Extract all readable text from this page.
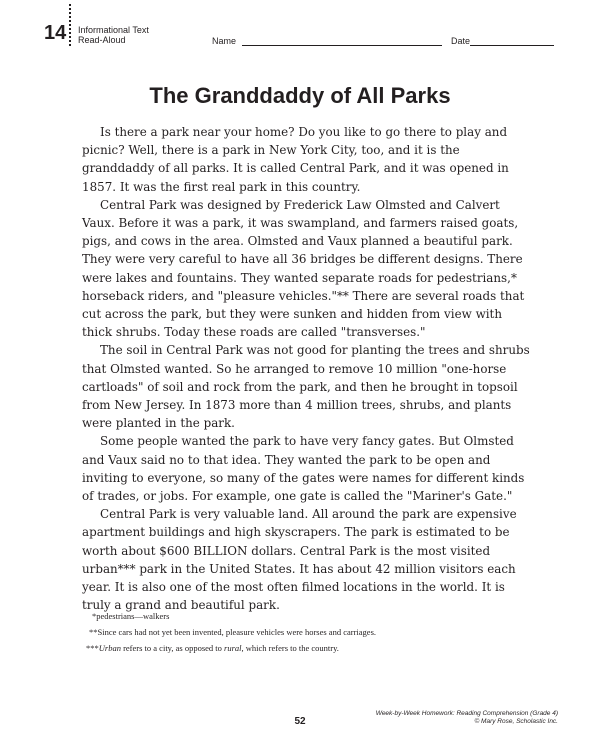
14 Informational Text
Read-Aloud	Name	Date
The Granddaddy of All Parks

Is there a park near your home? Do you like to go there to play and picnic? Well, there is a park in New York City, too, and it is the granddaddy of all parks. It is called Central Park, and it was opened in 1857. It was the first real park in this country.

Central Park was designed by Frederick Law Olmsted and Calvert Vaux. Before it was a park, it was swampland, and farmers raised goats, pigs, and cows in the area. Olmsted and Vaux planned a beautiful park. They were very careful to have all 36 bridges be different designs. There were lakes and fountains. They wanted separate roads for pedestrians,* horseback riders, and "pleasure vehicles."** There are several roads that cut across the park, but they were sunken and hidden from view with thick shrubs. Today these roads are called "transverses."

The soil in Central Park was not good for planting the trees and shrubs that Olmsted wanted. So he arranged to remove 10 million "one-horse cartloads" of soil and rock from the park, and then he brought in topsoil from New Jersey. In 1873 more than 4 million trees, shrubs, and plants were planted in the park.

Some people wanted the park to have very fancy gates. But Olmsted and Vaux said no to that idea. They wanted the park to be open and inviting to everyone, so many of the gates were names for different kinds of trades, or jobs. For example, one gate is called the "Mariner's Gate."

Central Park is very valuable land. All around the park are expensive apartment buildings and high skyscrapers. The park is estimated to be worth about $600 BILLION dollars. Central Park is the most visited urban*** park in the United States. It has about 42 million visitors each year. It is also one of the most often filmed locations in the world. It is truly a grand and beautiful park.

*pedestrians—walkers
**Since cars had not yet been invented, pleasure vehicles were horses and carriages.
***Urban refers to a city, as opposed to rural, which refers to the country.
52
Week-by-Week Homework: Reading Comprehension (Grade 4)
© Mary Rose, Scholastic Inc.
